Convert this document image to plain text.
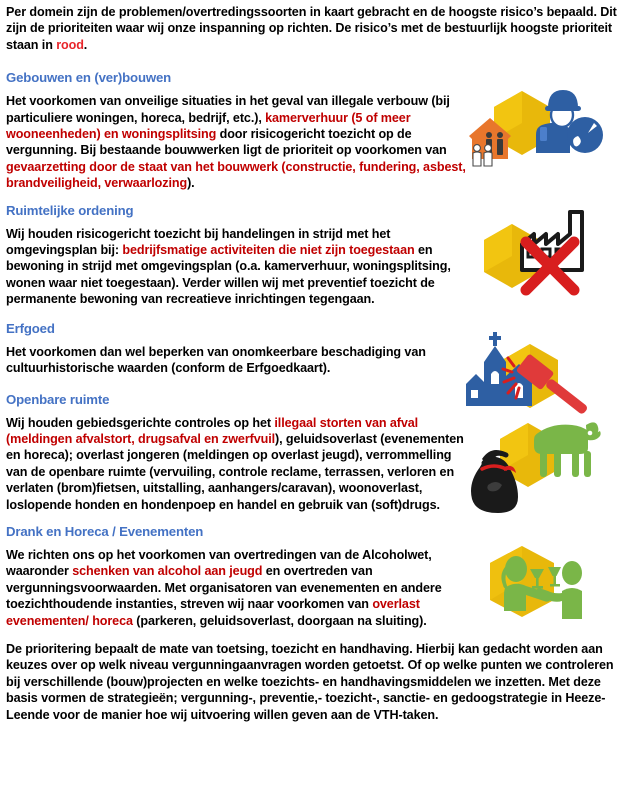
Per domein zijn de problemen/overtredingssoorten in kaart gebracht en de hoogste risico’s bepaald. Dit zijn de prioriteiten waar wij onze inspanning op richten. De risico’s met de bestuurlijk hoogste prioriteit staan in rood.

Gebouwen en (ver)bouwen

Het voorkomen van onveilige situaties in het geval van illegale verbouw (bij particuliere woningen, horeca, bedrijf, etc.), kamerverhuur (5 of meer wooneenheden) en woningsplitsing door risicogericht toezicht op de vergunning. Bij bestaande bouwwerken ligt de prioriteit op voorkomen van gevaarzetting door de staat van het bouwwerk (constructie, fundering, asbest, brandveiligheid, verwaarlozing).

Ruimtelijke ordening

Wij houden risicogericht toezicht bij handelingen in strijd met het omgevingsplan bij: bedrijfsmatige activiteiten die niet zijn toegestaan en bewoning in strijd met omgevingsplan (o.a. kamerverhuur, woningsplitsing, wonen waar niet toegestaan). Verder willen wij met preventief toezicht de permanente bewoning van recreatieve inrichtingen tegengaan.

Erfgoed

Het voorkomen dan wel beperken van onomkeerbare beschadiging van cultuurhistorische waarden (conform de Erfgoedkaart).

Openbare ruimte

Wij houden gebiedsgerichte controles op het illegaal storten van afval (meldingen afvalstort, drugsafval en zwerfvuil), geluidsoverlast (evenementen en horeca); overlast jongeren (meldingen op overlast jeugd), verrommelling van de openbare ruimte (vervuiling, controle reclame, terrassen, verloren en verlaten (brom)fietsen, uitstalling, aanhangers/caravan), woonoverlast, loslopende honden en hondenpoep en handel en gebruik van (soft)drugs.

Drank en Horeca / Evenementen

We richten ons op het voorkomen van overtredingen van de Alcoholwet, waaronder schenken van alcohol aan jeugd en overtreden van vergunningsvoorwaarden. Met organisatoren van evenementen en andere toezichthoudende instanties, streven wij naar voorkomen van overlast evenementen/ horeca (parkeren, geluidsoverlast, doorgaan na sluiting).

De prioritering bepaalt de mate van toetsing, toezicht en handhaving. Hierbij kan gedacht worden aan keuzes over op welk niveau vergunningaanvragen worden getoetst. Of op welke punten we controleren bij verschillende (bouw)projecten en welke toezichts- en handhavingsmiddelen we inzetten. Met deze basis vormen de strategieën; vergunning-, preventie,- toezicht-, sanctie- en gedoogstrategie in Heeze-Leende voor de manier hoe wij uitvoering willen geven aan de VTH-taken.
